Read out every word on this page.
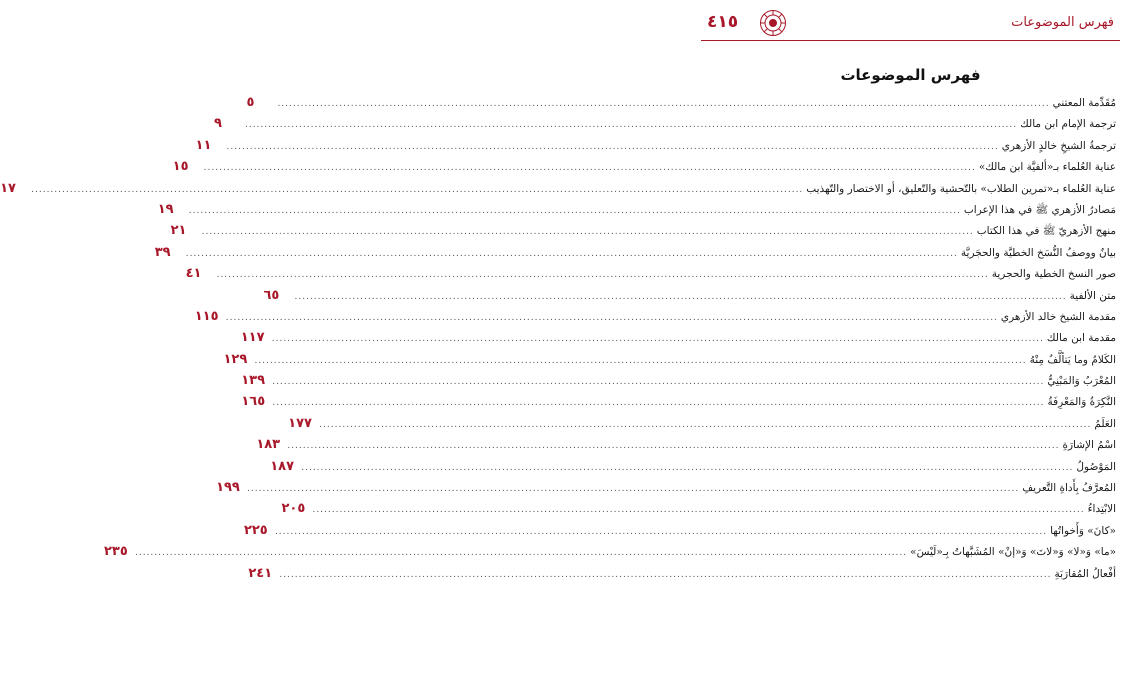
فهرس الموضوعات
٤١٥
فهرس الموضوعات
مُقَدِّمة المعتني
........................................................................................................................................................................................................
٥
ترجمة الإمام ابن مالك
........................................................................................................................................................................................................
٩
ترجمةُ الشيخِ خالدٍ الأزهري
........................................................................................................................................................................................................
١١
عناية العُلماء بـ«ألفيَّة ابن مالك»
........................................................................................................................................................................................................
١٥
عناية العُلماء بـ«تمرين الطلاب» بالتّحشية والتّعليق، أو الاختصار والتّهذيب
........................................................................................................................................................................................................
١٧
مَصادرُ الأزهري ﷺ في هذا الإعراب
........................................................................................................................................................................................................
١٩
منهج الأزهريّ ﷺ في هذا الكتاب
........................................................................................................................................................................................................
٢١
بيانٌ ووصفُ النُّسَخ الخطيَّة والحجَريَّة
........................................................................................................................................................................................................
٣٩
صور النسخ الخطية والحجرية
........................................................................................................................................................................................................
٤١
متن الألفية
........................................................................................................................................................................................................
٦٥
مقدمة الشيخ خالد الأزهري
........................................................................................................................................................................................................
١١٥
مقدمة ابن مالك
........................................................................................................................................................................................................
١١٧
الكَلامُ وما يَتألَّفُ مِنْهُ
........................................................................................................................................................................................................
١٢٩
المُعْرَبُ وَالمَبْنِيُّ
........................................................................................................................................................................................................
١٣٩
النَّكِرَةُ وَالمَعْرِفَةُ
........................................................................................................................................................................................................
١٦٥
العَلَمُ
........................................................................................................................................................................................................
١٧٧
اسْمُ الإشارَةِ
........................................................................................................................................................................................................
١٨٣
المَوْصُولُ
........................................................................................................................................................................................................
١٨٧
المُعرَّفُ بِأَداةِ التَّعريفِ
........................................................................................................................................................................................................
١٩٩
الابْتِداءُ
........................................................................................................................................................................................................
٢٠٥
«كانَ» وَأَخواتُها
........................................................................................................................................................................................................
٢٢٥
«ما» وَ«لا» وَ«لاتَ» وَ«إنْ» المُشَبَّهاتُ بِـ«لَيْسَ»
........................................................................................................................................................................................................
٢٣٥
أفْعالُ المُقارَبَةِ
........................................................................................................................................................................................................
٢٤١
